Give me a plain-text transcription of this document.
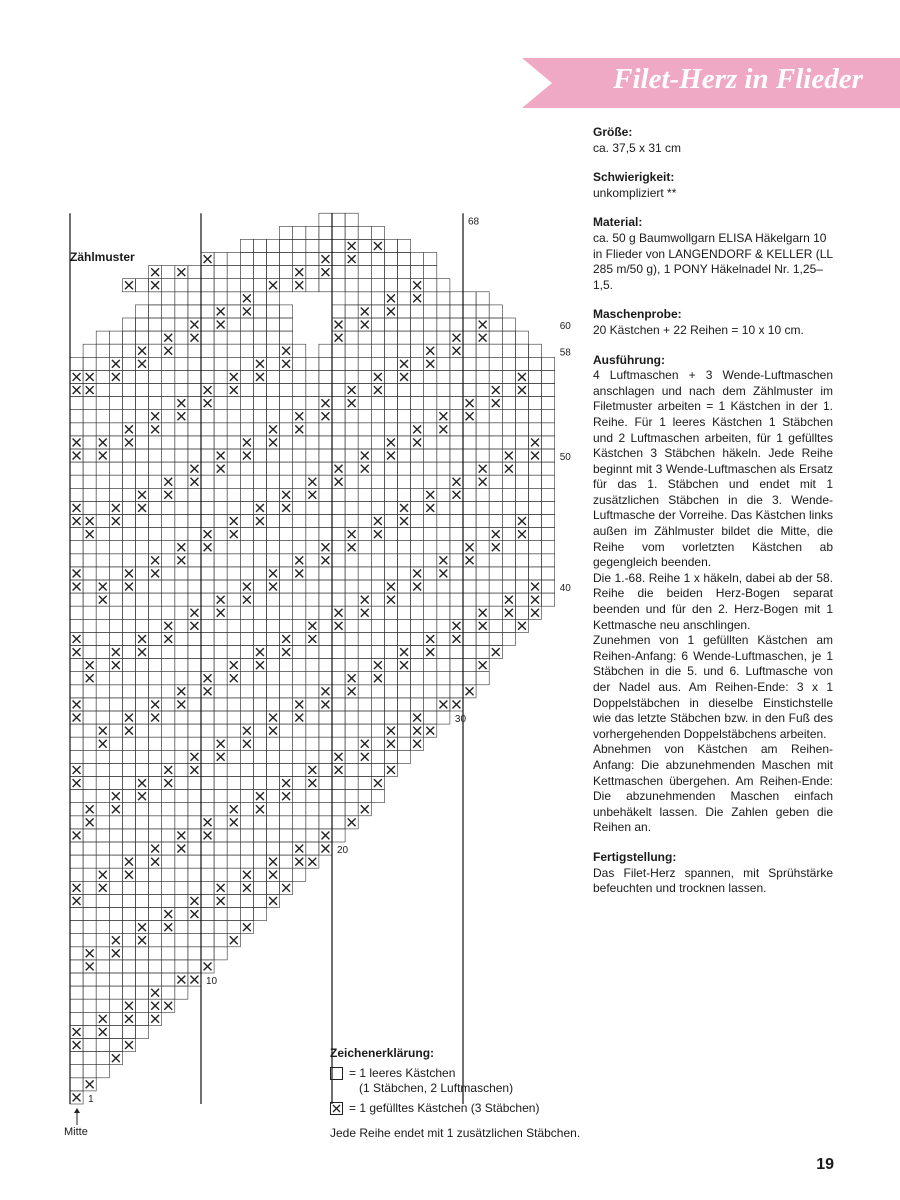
Filet-Herz in Flieder
Größe:
ca. 37,5 x 31 cm
Schwierigkeit:
unkompliziert **
Material:
ca. 50 g Baumwollgarn ELISA Häkelgarn 10 in Flieder von LANGENDORF & KELLER (LL 285 m/50 g), 1 PONY Häkelnadel Nr. 1,25–1,5.
Maschenprobe:
20 Kästchen + 22 Reihen = 10 x 10 cm.
Ausführung:
4 Luftmaschen + 3 Wende-Luftmaschen anschlagen und nach dem Zählmuster im Filetmuster arbeiten = 1 Kästchen in der 1. Reihe. Für 1 leeres Kästchen 1 Stäbchen und 2 Luftmaschen arbeiten, für 1 gefülltes Kästchen 3 Stäbchen häkeln. Jede Reihe beginnt mit 3 Wende-Luftmaschen als Ersatz für das 1. Stäbchen und endet mit 1 zusätzlichen Stäbchen in die 3. Wende-Luftmasche der Vorreihe. Das Kästchen links außen im Zählmuster bildet die Mitte, die Reihe vom vorletzten Kästchen ab gegengleich beenden.
Die 1.-68. Reihe 1 x häkeln, dabei ab der 58. Reihe die beiden Herz-Bogen separat beenden und für den 2. Herz-Bogen mit 1 Kettmasche neu anschlingen.
Zunehmen von 1 gefüllten Kästchen am Reihen-Anfang: 6 Wende-Luftmaschen, je 1 Stäbchen in die 5. und 6. Luftmasche von der Nadel aus. Am Reihen-Ende: 3 x 1 Doppelstäbchen in dieselbe Einstichstelle wie das letzte Stäbchen bzw. in den Fuß des vorhergehenden Doppelstäbchens arbeiten.
Abnehmen von Kästchen am Reihen-Anfang: Die abzunehmenden Maschen mit Kettmaschen übergehen. Am Reihen-Ende: Die abzunehmenden Maschen einfach unbehäkelt lassen. Die Zahlen geben die Reihen an.
Fertigstellung:
Das Filet-Herz spannen, mit Sprühstärke befeuchten und trocknen lassen.
Zählmuster
1
10
20
30
40
50
58
60
68
Mitte
Zeichenerklärung:
= 1 leeres Kästchen
(1 Stäbchen, 2 Luftmaschen)
= 1 gefülltes Kästchen (3 Stäbchen)
Jede Reihe endet mit 1 zusätzlichen Stäbchen.
19
